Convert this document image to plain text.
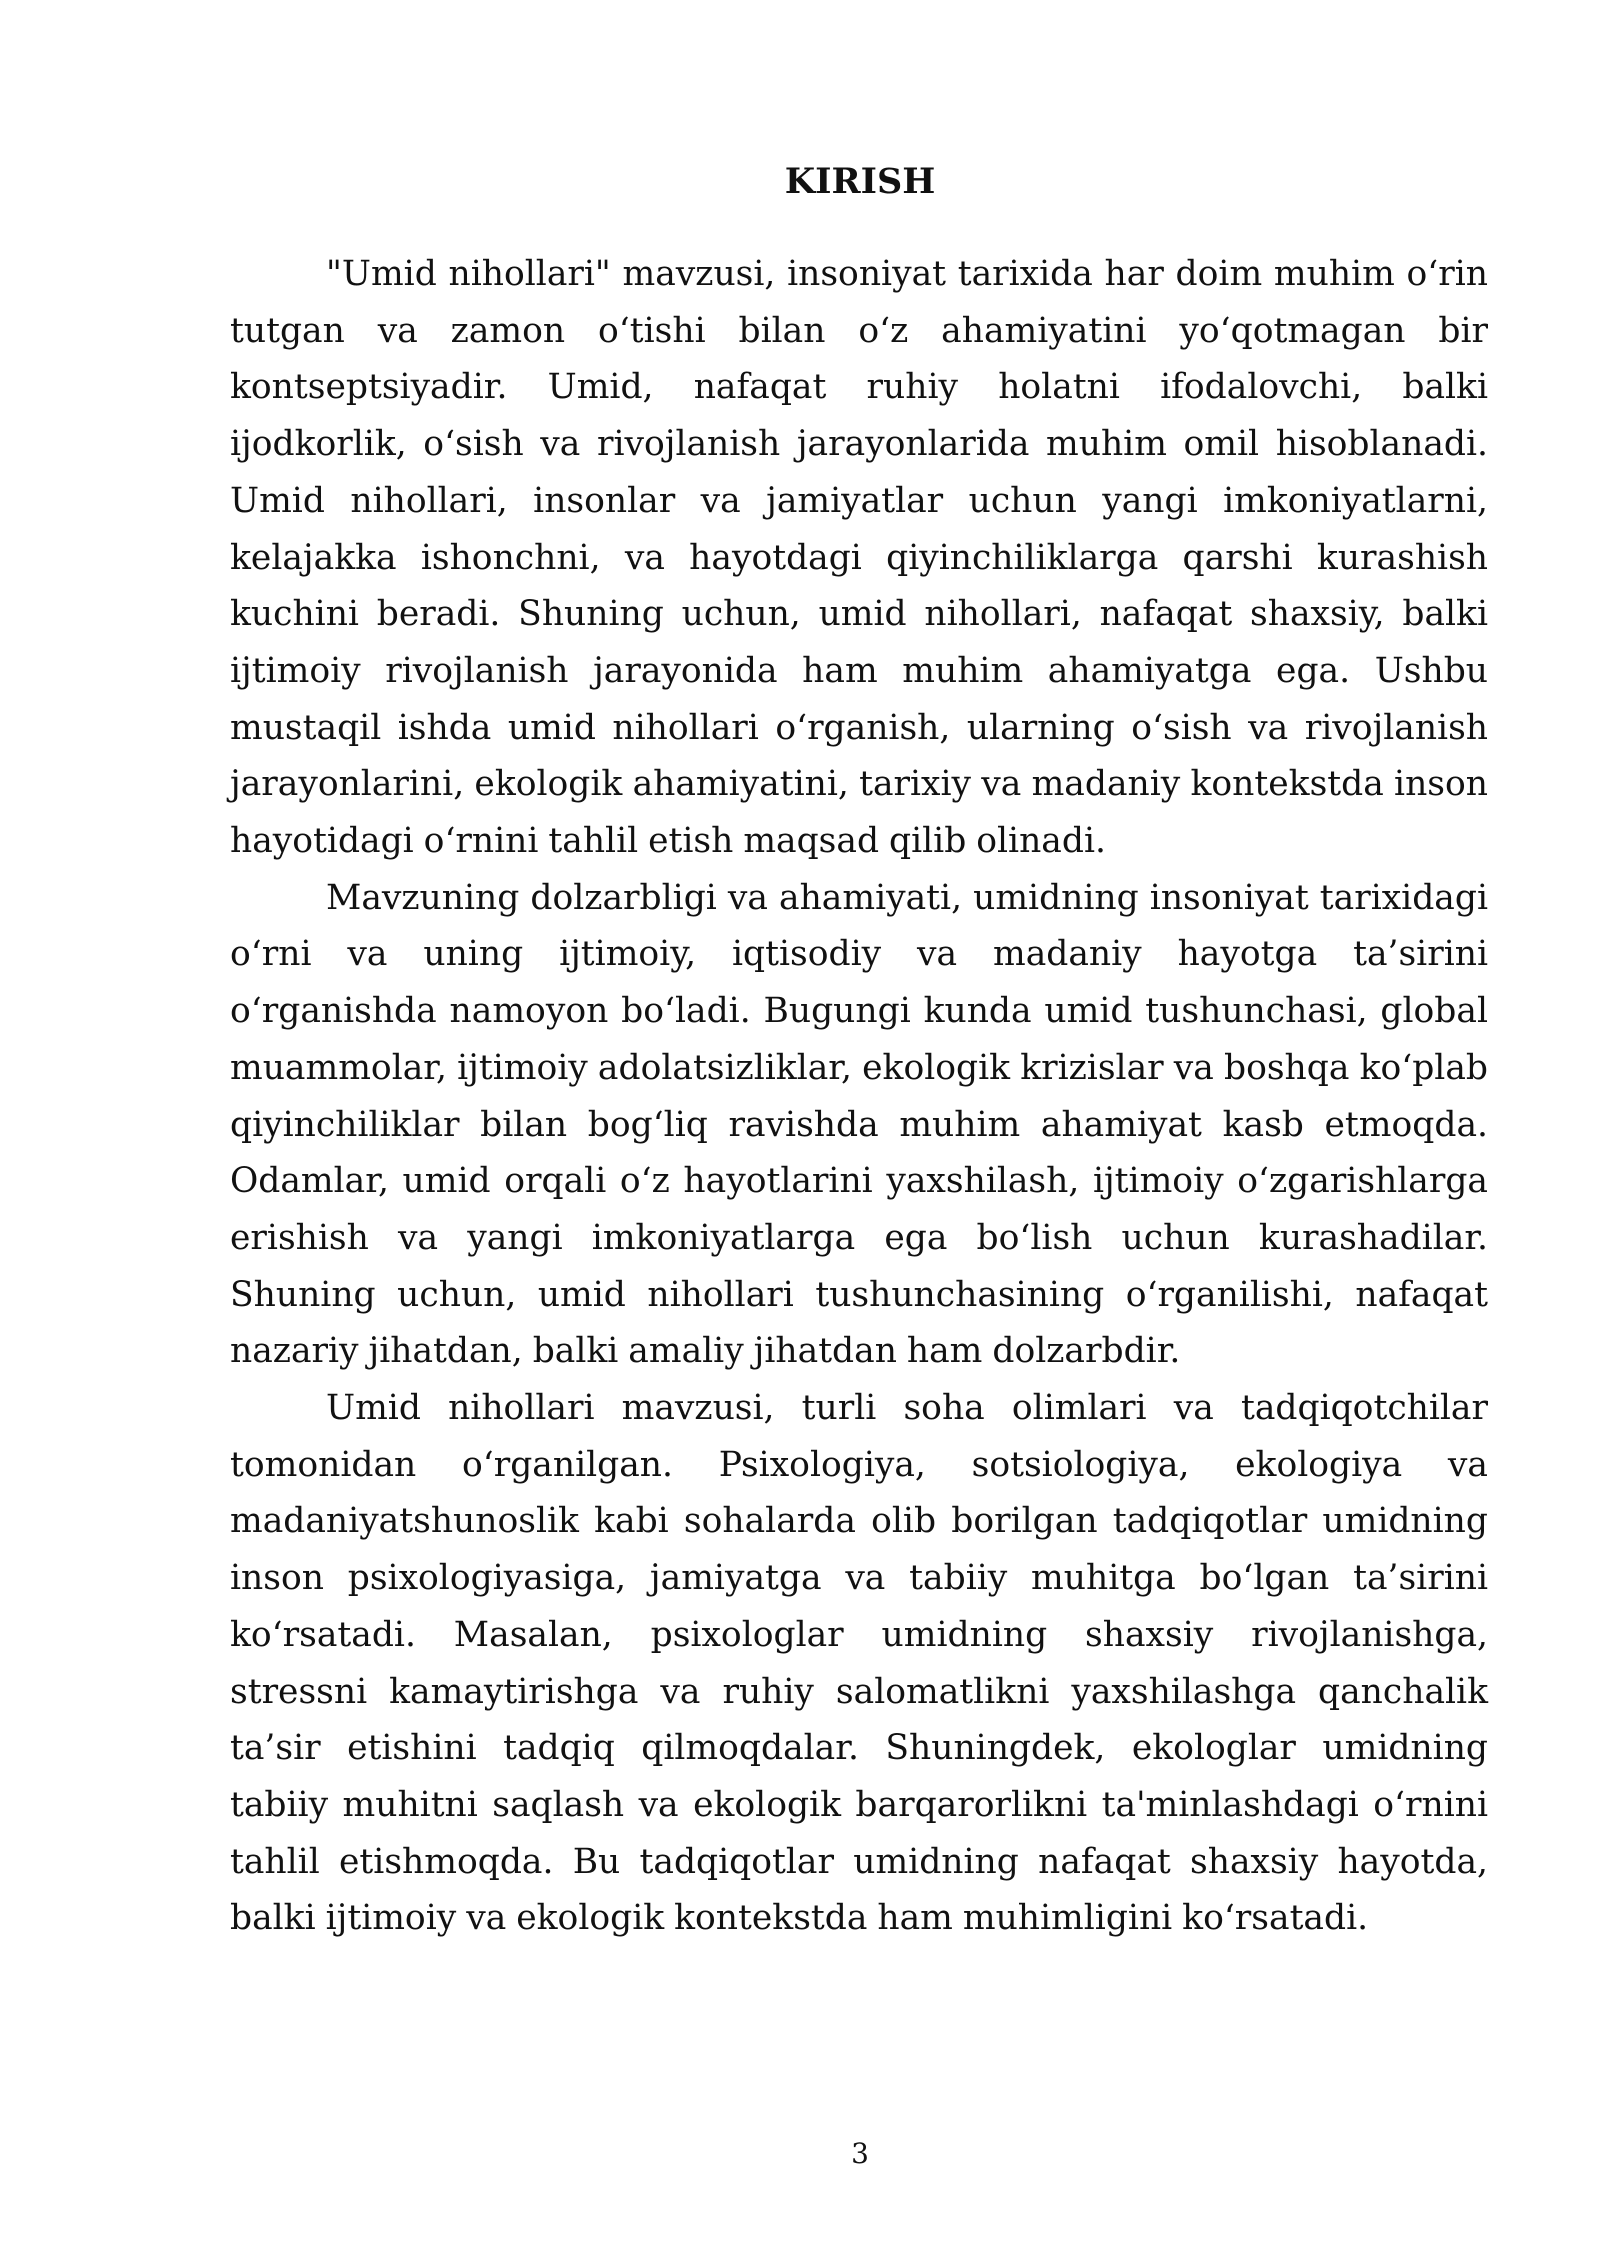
KIRISH

"Umid nihollari" mavzusi, insoniyat tarixida har doim muhim o‘rin tutgan va zamon o‘tishi bilan o‘z ahamiyatini yo‘qotmagan bir kontseptsiyadir. Umid, nafaqat ruhiy holatni ifodalovchi, balki ijodkorlik, o‘sish va rivojlanish jarayonlarida muhim omil hisoblanadi. Umid nihollari, insonlar va jamiyatlar uchun yangi imkoniyatlarni, kelajakka ishonchni, va hayotdagi qiyinchiliklarga qarshi kurashish kuchini beradi. Shuning uchun, umid nihollari, nafaqat shaxsiy, balki ijtimoiy rivojlanish jarayonida ham muhim ahamiyatga ega. Ushbu mustaqil ishda umid nihollari o‘rganish, ularning o‘sish va rivojlanish jarayonlarini, ekologik ahamiyatini, tarixiy va madaniy kontekstda inson hayotidagi o‘rnini tahlil etish maqsad qilib olinadi.

Mavzuning dolzarbligi va ahamiyati, umidning insoniyat tarixidagi o‘rni va uning ijtimoiy, iqtisodiy va madaniy hayotga ta’sirini o‘rganishda namoyon bo‘ladi. Bugungi kunda umid tushunchasi, global muammolar, ijtimoiy adolatsizliklar, ekologik krizislar va boshqa ko‘plab qiyinchiliklar bilan bog‘liq ravishda muhim ahamiyat kasb etmoqda. Odamlar, umid orqali o‘z hayotlarini yaxshilash, ijtimoiy o‘zgarishlarga erishish va yangi imkoniyatlarga ega bo‘lish uchun kurashadilar. Shuning uchun, umid nihollari tushunchasining o‘rganilishi, nafaqat nazariy jihatdan, balki amaliy jihatdan ham dolzarbdir.

Umid nihollari mavzusi, turli soha olimlari va tadqiqotchilar tomonidan o‘rganilgan. Psixologiya, sotsiologiya, ekologiya va madaniyatshunoslik kabi sohalarda olib borilgan tadqiqotlar umidning inson psixologiyasiga, jamiyatga va tabiiy muhitga bo‘lgan ta’sirini ko‘rsatadi. Masalan, psixologlar umidning shaxsiy rivojlanishga, stressni kamaytirishga va ruhiy salomatlikni yaxshilashga qanchalik ta’sir etishini tadqiq qilmoqdalar. Shuningdek, ekologlar umidning tabiiy muhitni saqlash va ekologik barqarorlikni ta'minlashdagi o‘rnini tahlil etishmoqda. Bu tadqiqotlar umidning nafaqat shaxsiy hayotda, balki ijtimoiy va ekologik kontekstda ham muhimligini ko‘rsatadi.

3
